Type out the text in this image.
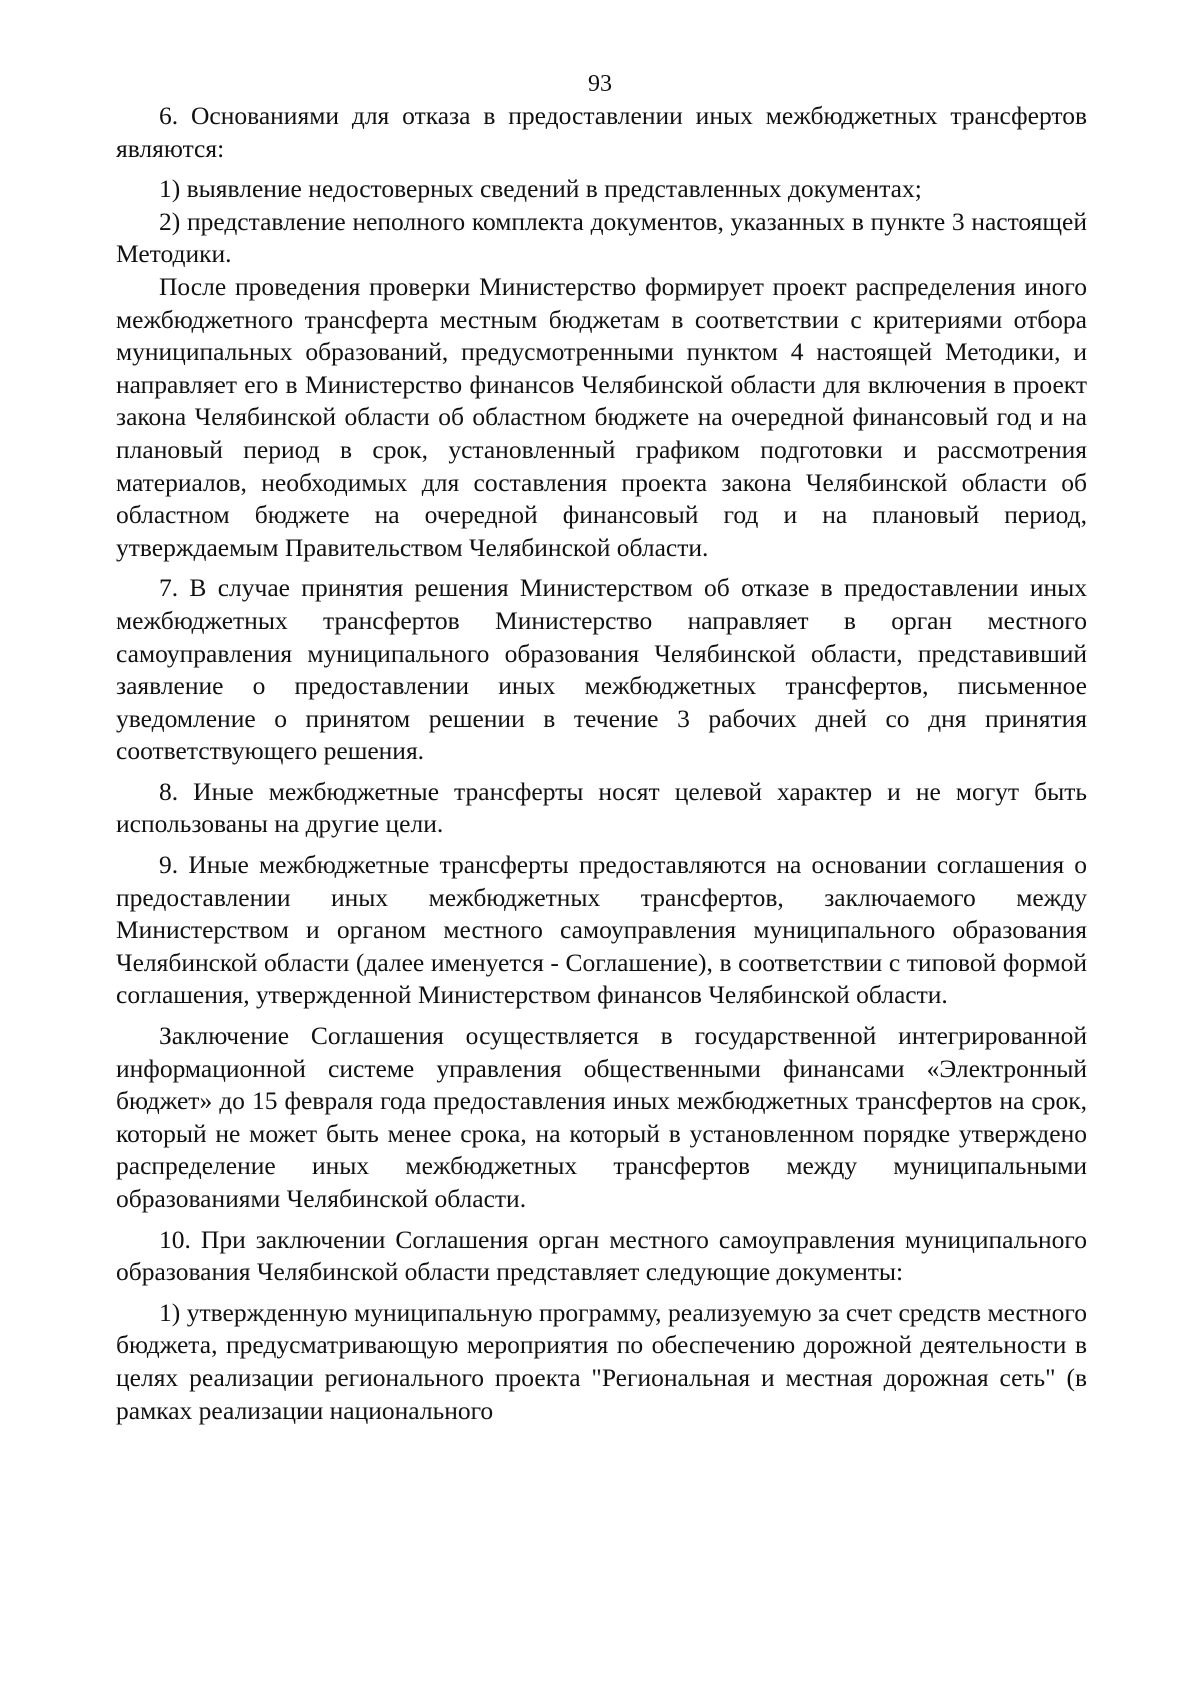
93

6. Основаниями для отказа в предоставлении иных межбюджетных трансфертов являются:

1) выявление недостоверных сведений в представленных документах;

2) представление неполного комплекта документов, указанных в пункте 3 настоящей Методики.

После проведения проверки Министерство формирует проект распределения иного межбюджетного трансферта местным бюджетам в соответствии с критериями отбора муниципальных образований, предусмотренными пунктом 4 настоящей Методики, и направляет его в Министерство финансов Челябинской области для включения в проект закона Челябинской области об областном бюджете на очередной финансовый год и на плановый период в срок, установленный графиком подготовки и рассмотрения материалов, необходимых для составления проекта закона Челябинской области об областном бюджете на очередной финансовый год и на плановый период, утверждаемым Правительством Челябинской области.

7. В случае принятия решения Министерством об отказе в предоставлении иных межбюджетных трансфертов Министерство направляет в орган местного самоуправления муниципального образования Челябинской области, представивший заявление о предоставлении иных межбюджетных трансфертов, письменное уведомление о принятом решении в течение 3 рабочих дней со дня принятия соответствующего решения.

8. Иные межбюджетные трансферты носят целевой характер и не могут быть использованы на другие цели.

9. Иные межбюджетные трансферты предоставляются на основании соглашения о предоставлении иных межбюджетных трансфертов, заключаемого между Министерством и органом местного самоуправления муниципального образования Челябинской области (далее именуется - Соглашение), в соответствии с типовой формой соглашения, утвержденной Министерством финансов Челябинской области.

Заключение Соглашения осуществляется в государственной интегрированной информационной системе управления общественными финансами «Электронный бюджет» до 15 февраля года предоставления иных межбюджетных трансфертов на срок, который не может быть менее срока, на который в установленном порядке утверждено распределение иных межбюджетных трансфертов между муниципальными образованиями Челябинской области.

10. При заключении Соглашения орган местного самоуправления муниципального образования Челябинской области представляет следующие документы:

1) утвержденную муниципальную программу, реализуемую за счет средств местного бюджета, предусматривающую мероприятия по обеспечению дорожной деятельности в целях реализации регионального проекта "Региональная и местная дорожная сеть" (в рамках реализации национального
